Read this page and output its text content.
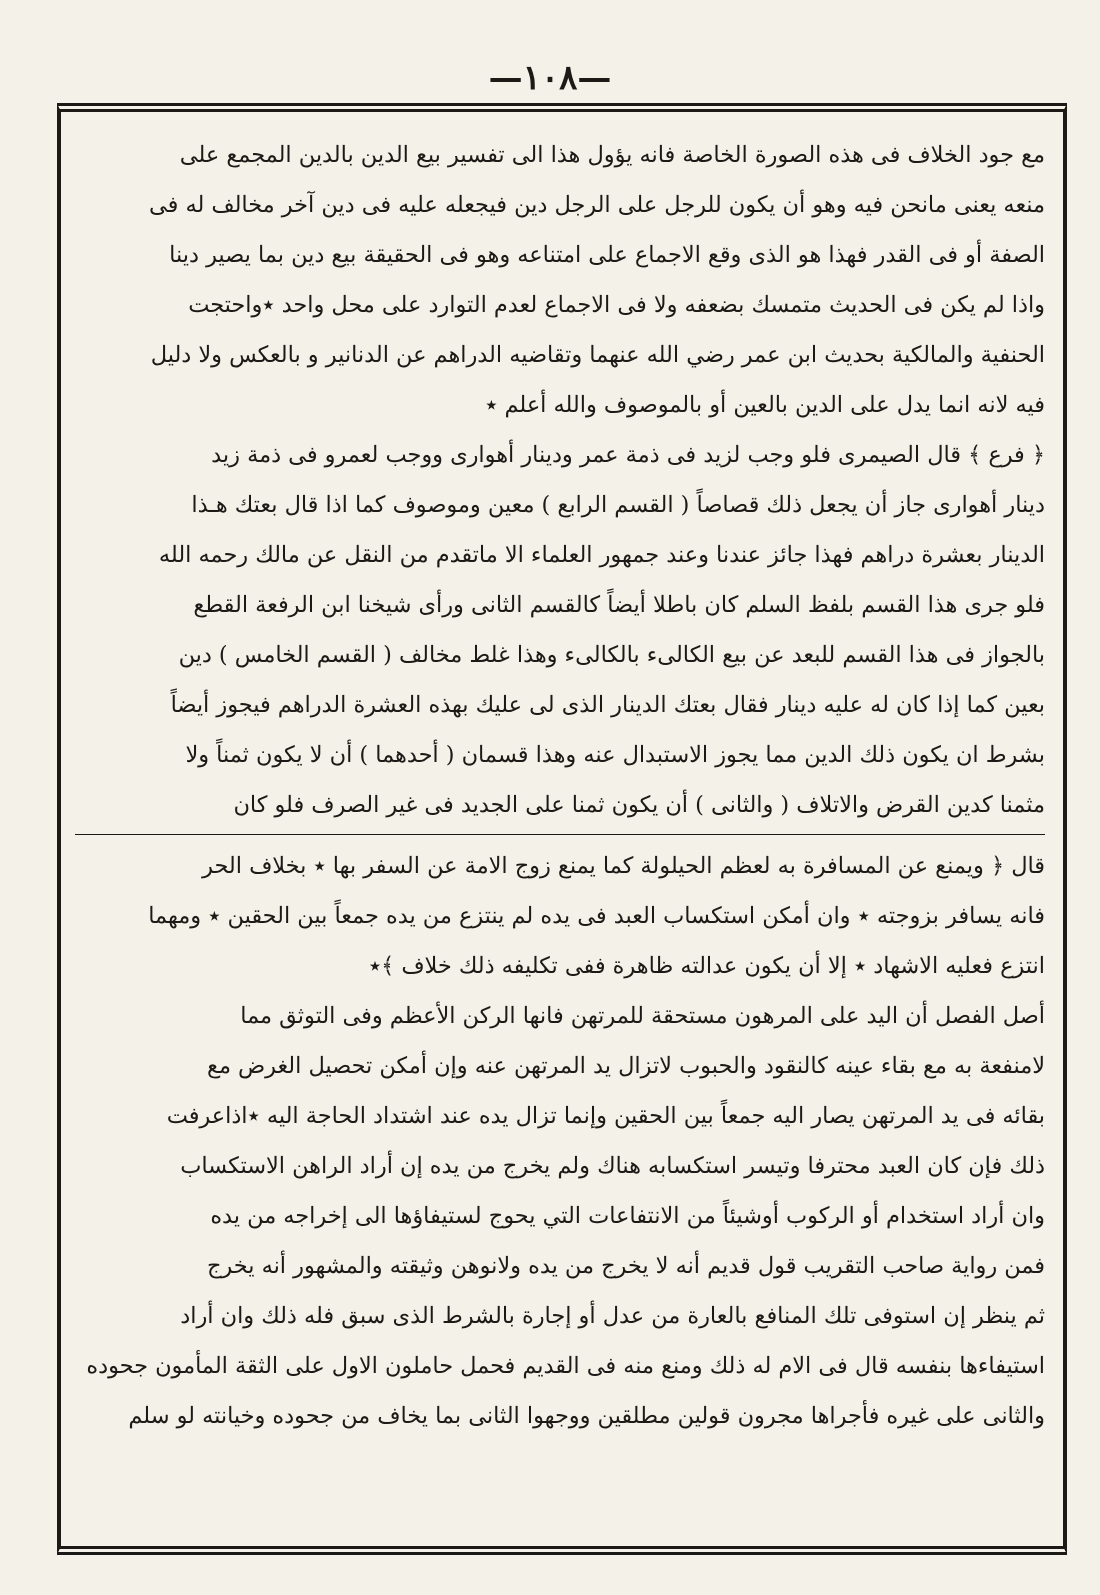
—١٠٨—
مع جود الخلاف فى هذه الصورة الخاصة فانه يؤول هذا الى تفسير بيع الدين بالدين المجمع على
منعه يعنى مانحن فيه وهو أن يكون للرجل على الرجل دين فيجعله عليه فى دين آخر مخالف له فى
الصفة أو فى القدر فهذا هو الذى وقع الاجماع على امتناعه وهو فى الحقيقة بيع دين بما يصير دينا
واذا لم يكن فى الحديث متمسك بضعفه ولا فى الاجماع لعدم التوارد على محل واحد ٭واحتجت
الحنفية والمالكية بحديث ابن عمر رضي الله عنهما وتقاضيه الدراهم عن الدنانير و بالعكس ولا دليل
فيه لانه انما يدل على الدين بالعين أو بالموصوف والله أعلم ٭
﴿ فرع ﴾ قال الصيمرى فلو وجب لزيد فى ذمة عمر ودينار أهوارى ووجب لعمرو فى ذمة زيد
دينار أهوارى جاز أن يجعل ذلك قصاصاً ( القسم الرابع ) معين وموصوف كما اذا قال بعتك هـذا
الدينار بعشرة دراهم فهذا جائز عندنا وعند جمهور العلماء الا ماتقدم من النقل عن مالك رحمه الله
فلو جرى هذا القسم بلفظ السلم كان باطلا أيضاً كالقسم الثانى ورأى شيخنا ابن الرفعة القطع
بالجواز فى هذا القسم للبعد عن بيع الكالىء بالكالىء وهذا غلط مخالف ( القسم الخامس ) دين
بعين كما إذا كان له عليه دينار فقال بعتك الدينار الذى لى عليك بهذه العشرة الدراهم فيجوز أيضاً
بشرط ان يكون ذلك الدين مما يجوز الاستبدال عنه وهذا قسمان ( أحدهما ) أن لا يكون ثمناً ولا
مثمنا كدين القرض والاتلاف ( والثانى ) أن يكون ثمنا على الجديد فى غير الصرف فلو كان
قال ﴿ ويمنع عن المسافرة به لعظم الحيلولة كما يمنع زوج الامة عن السفر بها ٭ بخلاف الحر
فانه يسافر بزوجته ٭ وان أمكن استكساب العبد فى يده لم ينتزع من يده جمعاً بين الحقين ٭ ومهما
انتزع فعليه الاشهاد ٭ إلا أن يكون عدالته ظاهرة ففى تكليفه ذلك خلاف ﴾٭
أصل الفصل أن اليد على المرهون مستحقة للمرتهن فانها الركن الأعظم وفى التوثق مما
لامنفعة به مع بقاء عينه كالنقود والحبوب لاتزال يد المرتهن عنه وإن أمكن تحصيل الغرض مع
بقائه فى يد المرتهن يصار اليه جمعاً بين الحقين وإنما تزال يده عند اشتداد الحاجة اليه ٭اذاعرفت
ذلك فإن كان العبد محترفا وتيسر استكسابه هناك ولم يخرج من يده إن أراد الراهن الاستكساب
وان أراد استخدام أو الركوب أوشيئاً من الانتفاعات التي يحوج لستيفاؤها الى إخراجه من يده
فمن رواية صاحب التقريب قول قديم أنه لا يخرج من يده ولانوهن وثيقته والمشهور أنه يخرج
ثم ينظر إن استوفى تلك المنافع بالعارة من عدل أو إجارة بالشرط الذى سبق فله ذلك وان أراد
استيفاءها بنفسه قال فى الام له ذلك ومنع منه فى القديم فحمل حاملون الاول على الثقة المأمون جحوده
والثانى على غيره فأجراها مجرون قولين مطلقين ووجهوا الثانى بما يخاف من جحوده وخيانته لو سلم
